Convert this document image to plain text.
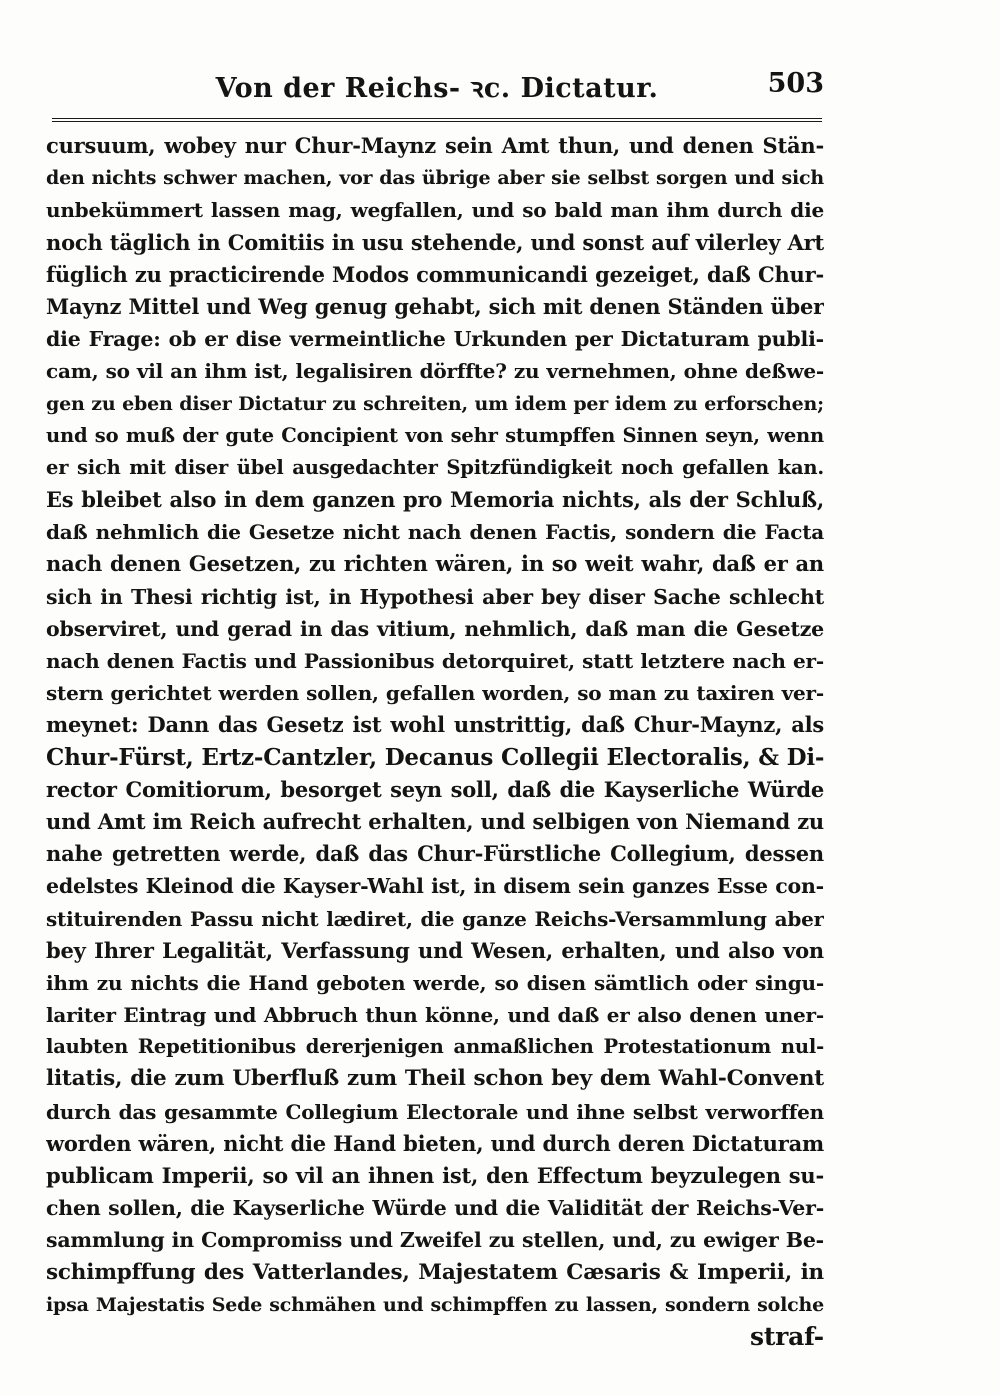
Von der Reichs- ꝛc. Dictatur.	503
cursuum, wobey nur Chur-Maynz sein Amt thun, und denen Stän-
den nichts schwer machen, vor das übrige aber sie selbst sorgen und sich
unbekümmert lassen mag, wegfallen, und so bald man ihm durch die
noch täglich in Comitiis in usu stehende, und sonst auf vilerley Art
füglich zu practicirende Modos communicandi gezeiget, daß Chur-
Maynz Mittel und Weg genug gehabt, sich mit denen Ständen über
die Frage: ob er dise vermeintliche Urkunden per Dictaturam publi-
cam, so vil an ihm ist, legalisiren dörffte? zu vernehmen, ohne deßwe-
gen zu eben diser Dictatur zu schreiten, um idem per idem zu erforschen;
und so muß der gute Concipient von sehr stumpffen Sinnen seyn, wenn
er sich mit diser übel ausgedachter Spitzfündigkeit noch gefallen kan.
Es bleibet also in dem ganzen pro Memoria nichts, als der Schluß,
daß nehmlich die Gesetze nicht nach denen Factis, sondern die Facta
nach denen Gesetzen, zu richten wären, in so weit wahr, daß er an
sich in Thesi richtig ist, in Hypothesi aber bey diser Sache schlecht
observiret, und gerad in das vitium, nehmlich, daß man die Gesetze
nach denen Factis und Passionibus detorquiret, statt letztere nach er-
stern gerichtet werden sollen, gefallen worden, so man zu taxiren ver-
meynet: Dann das Gesetz ist wohl unstrittig, daß Chur-Maynz, als
Chur-Fürst, Ertz-Cantzler, Decanus Collegii Electoralis, & Di-
rector Comitiorum, besorget seyn soll, daß die Kayserliche Würde
und Amt im Reich aufrecht erhalten, und selbigen von Niemand zu
nahe getretten werde, daß das Chur-Fürstliche Collegium, dessen
edelstes Kleinod die Kayser-Wahl ist, in disem sein ganzes Esse con-
stituirenden Passu nicht lædiret, die ganze Reichs-Versammlung aber
bey Ihrer Legalität, Verfassung und Wesen, erhalten, und also von
ihm zu nichts die Hand geboten werde, so disen sämtlich oder singu-
lariter Eintrag und Abbruch thun könne, und daß er also denen uner-
laubten Repetitionibus dererjenigen anmaßlichen Protestationum nul-
litatis, die zum Uberfluß zum Theil schon bey dem Wahl-Convent
durch das gesammte Collegium Electorale und ihne selbst verworffen
worden wären, nicht die Hand bieten, und durch deren Dictaturam
publicam Imperii, so vil an ihnen ist, den Effectum beyzulegen su-
chen sollen, die Kayserliche Würde und die Validität der Reichs-Ver-
sammlung in Compromiss und Zweifel zu stellen, und, zu ewiger Be-
schimpffung des Vatterlandes, Majestatem Cæsaris & Imperii, in
ipsa Majestatis Sede schmähen und schimpffen zu lassen, sondern solche
straf-
